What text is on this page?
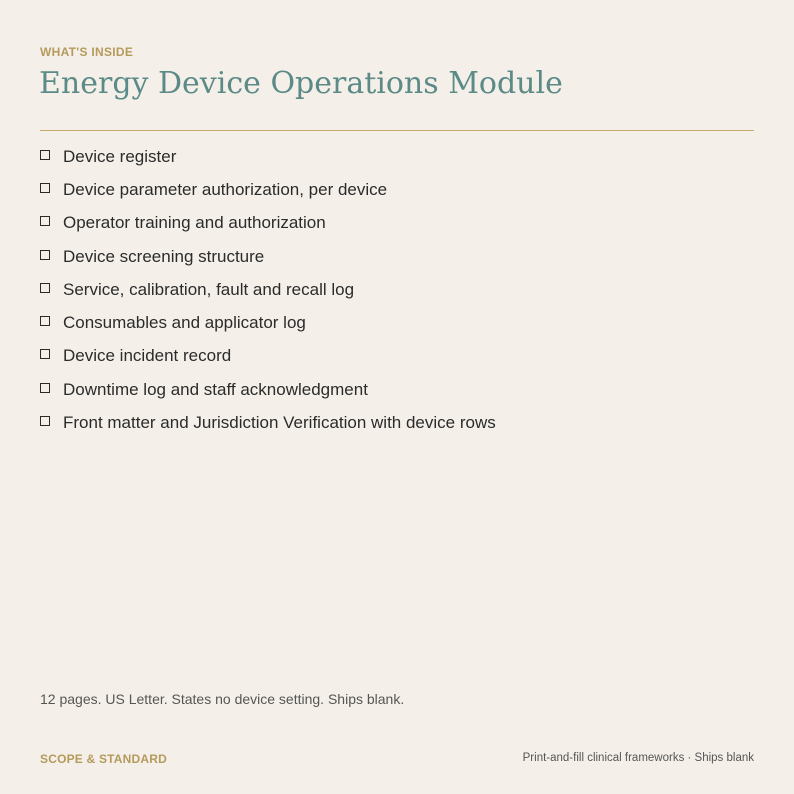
WHAT'S INSIDE
Energy Device Operations Module
Device register
Device parameter authorization, per device
Operator training and authorization
Device screening structure
Service, calibration, fault and recall log
Consumables and applicator log
Device incident record
Downtime log and staff acknowledgment
Front matter and Jurisdiction Verification with device rows
12 pages. US Letter. States no device setting. Ships blank.
SCOPE & STANDARD	Print-and-fill clinical frameworks · Ships blank
